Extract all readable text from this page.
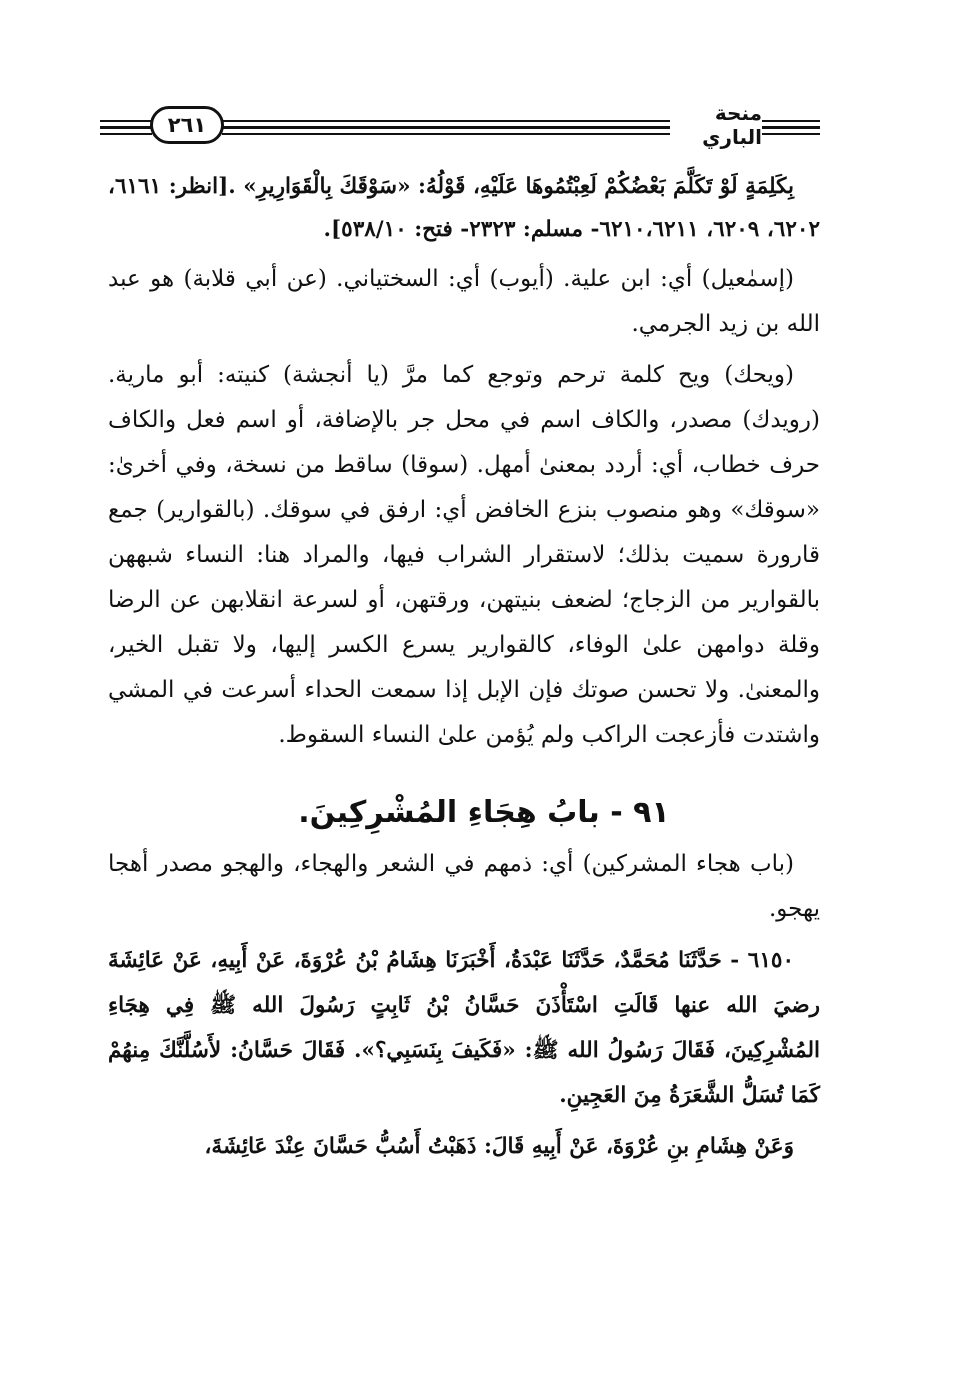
٢٦١	منحة الباري

بِكَلِمَةٍ لَوْ تَكَلَّمَ بَعْضُكُمْ لَعِبْتُمُوهَا عَلَيْهِ، قَوْلُهُ: «سَوْقَكَ بِالْقَوَارِيرِ» .[انظر: ٦١٦١، ٦٢٠٢، ٦٢٠٩، ٦٢١٠،٦٢١١- مسلم: ٢٣٢٣- فتح: ٥٣٨/١٠].

(إسمٰعيل) أي: ابن علية. (أيوب) أي: السختياني. (عن أبي قلابة) هو عبد الله بن زيد الجرمي.

(ويحك) ويح كلمة ترحم وتوجع كما مرَّ (يا أنجشة) كنيته: أبو مارية. (رويدك) مصدر، والكاف اسم في محل جر بالإضافة، أو اسم فعل والكاف حرف خطاب، أي: أردد بمعنىٰ أمهل. (سوقا) ساقط من نسخة، وفي أخرىٰ: «سوقك» وهو منصوب بنزع الخافض أي: ارفق في سوقك. (بالقوارير) جمع قارورة سميت بذلك؛ لاستقرار الشراب فيها، والمراد هنا: النساء شبههن بالقوارير من الزجاج؛ لضعف بنيتهن، ورقتهن، أو لسرعة انقلابهن عن الرضا وقلة دوامهن علىٰ الوفاء، كالقوارير يسرع الكسر إليها، ولا تقبل الخير، والمعنىٰ. ولا تحسن صوتك فإن الإبل إذا سمعت الحداء أسرعت في المشي واشتدت فأزعجت الراكب ولم يُؤمن علىٰ النساء السقوط.

٩١ - بابُ هِجَاءِ المُشْرِكِينَ.

(باب هجاء المشركين) أي: ذمهم في الشعر والهجاء، والهجو مصدر أهجا يهجو.

٦١٥٠ - حَدَّثَنَا مُحَمَّدٌ، حَدَّثَنَا عَبْدَةُ، أَخْبَرَنَا هِشَامُ بْنُ عُرْوَةَ، عَنْ أَبِيهِ، عَنْ عَائِشَةَ رضيَ الله عنها قَالَتِ اسْتَأْذَنَ حَسَّانُ بْنُ ثَابِتٍ رَسُولَ الله ﷺ فِي هِجَاءِ المُشْرِكِينَ، فَقَالَ رَسُولُ الله ﷺ: «فَكَيفَ بِنَسَبِي؟». فَقَالَ حَسَّانُ: لأَسُلَّنَّكَ مِنهُمْ كَمَا تُسَلُّ الشَّعَرَةُ مِنَ العَجِينِ.

وَعَنْ هِشَامِ بنِ عُرْوَةَ، عَنْ أَبِيهِ قَالَ: ذَهَبْتُ أَسُبُّ حَسَّانَ عِنْدَ عَائِشَةَ،
